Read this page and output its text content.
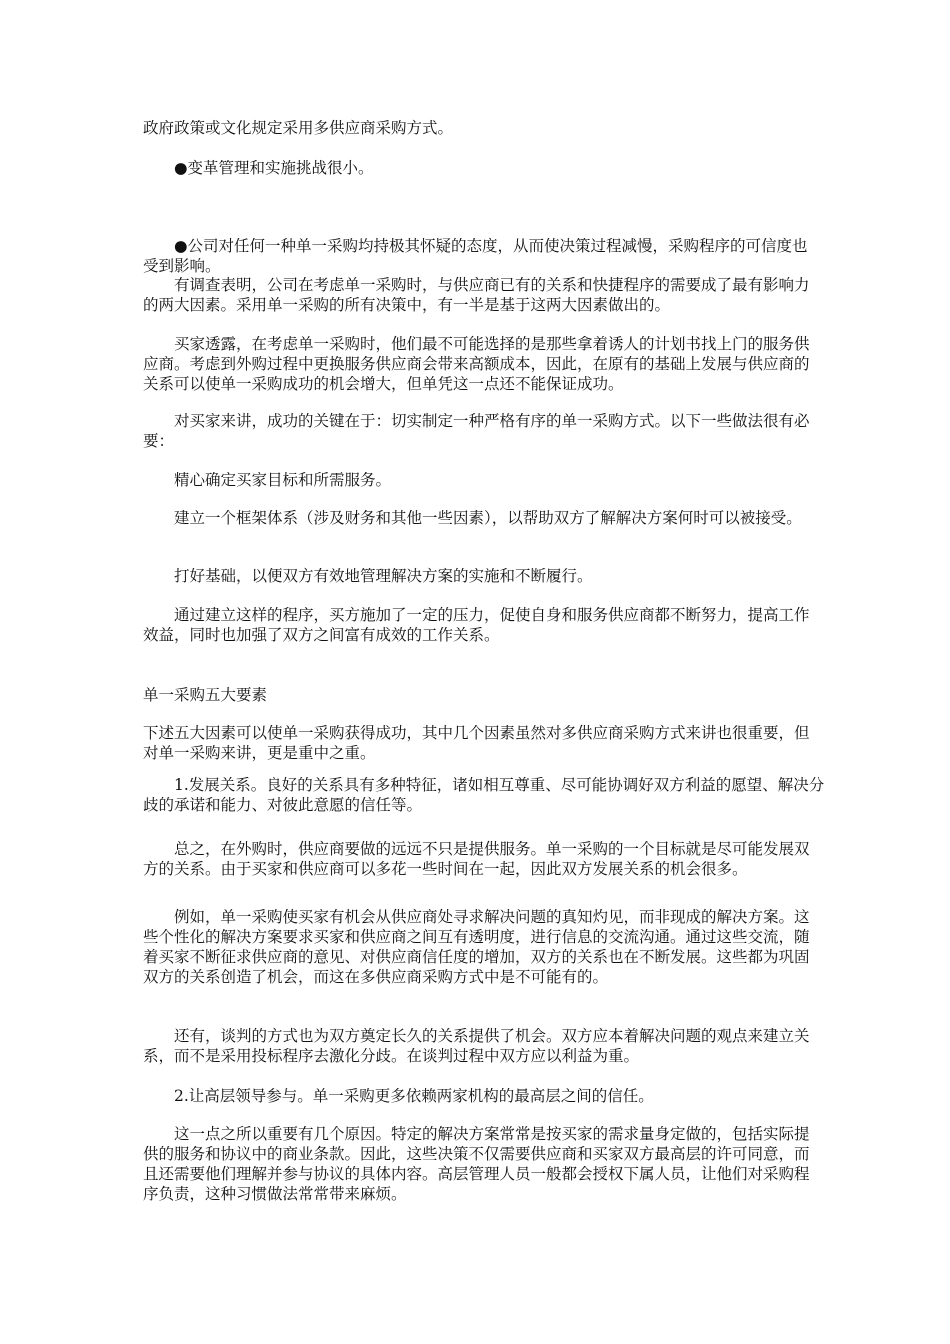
政府政策或文化规定采用多供应商采购方式。

●变革管理和实施挑战很小。

●公司对任何一种单一采购均持极其怀疑的态度，从而使决策过程减慢，采购程序的可信度也受到影响。

有调查表明，公司在考虑单一采购时，与供应商已有的关系和快捷程序的需要成了最有影响力的两大因素。采用单一采购的所有决策中，有一半是基于这两大因素做出的。

买家透露，在考虑单一采购时，他们最不可能选择的是那些拿着诱人的计划书找上门的服务供应商。考虑到外购过程中更换服务供应商会带来高额成本，因此，在原有的基础上发展与供应商的关系可以使单一采购成功的机会增大，但单凭这一点还不能保证成功。

对买家来讲，成功的关键在于：切实制定一种严格有序的单一采购方式。以下一些做法很有必要：

精心确定买家目标和所需服务。

建立一个框架体系（涉及财务和其他一些因素），以帮助双方了解解决方案何时可以被接受。

打好基础，以便双方有效地管理解决方案的实施和不断履行。

通过建立这样的程序，买方施加了一定的压力，促使自身和服务供应商都不断努力，提高工作效益，同时也加强了双方之间富有成效的工作关系。

单一采购五大要素

下述五大因素可以使单一采购获得成功，其中几个因素虽然对多供应商采购方式来讲也很重要，但对单一采购来讲，更是重中之重。

1.发展关系。良好的关系具有多种特征，诸如相互尊重、尽可能协调好双方利益的愿望、解决分歧的承诺和能力、对彼此意愿的信任等。

总之，在外购时，供应商要做的远远不只是提供服务。单一采购的一个目标就是尽可能发展双方的关系。由于买家和供应商可以多花一些时间在一起，因此双方发展关系的机会很多。

例如，单一采购使买家有机会从供应商处寻求解决问题的真知灼见，而非现成的解决方案。这些个性化的解决方案要求买家和供应商之间互有透明度，进行信息的交流沟通。通过这些交流，随着买家不断征求供应商的意见、对供应商信任度的增加，双方的关系也在不断发展。这些都为巩固双方的关系创造了机会，而这在多供应商采购方式中是不可能有的。

还有，谈判的方式也为双方奠定长久的关系提供了机会。双方应本着解决问题的观点来建立关系，而不是采用投标程序去激化分歧。在谈判过程中双方应以利益为重。

2.让高层领导参与。单一采购更多依赖两家机构的最高层之间的信任。

这一点之所以重要有几个原因。特定的解决方案常常是按买家的需求量身定做的，包括实际提供的服务和协议中的商业条款。因此，这些决策不仅需要供应商和买家双方最高层的许可同意，而且还需要他们理解并参与协议的具体内容。高层管理人员一般都会授权下属人员，让他们对采购程序负责，这种习惯做法常常带来麻烦。
